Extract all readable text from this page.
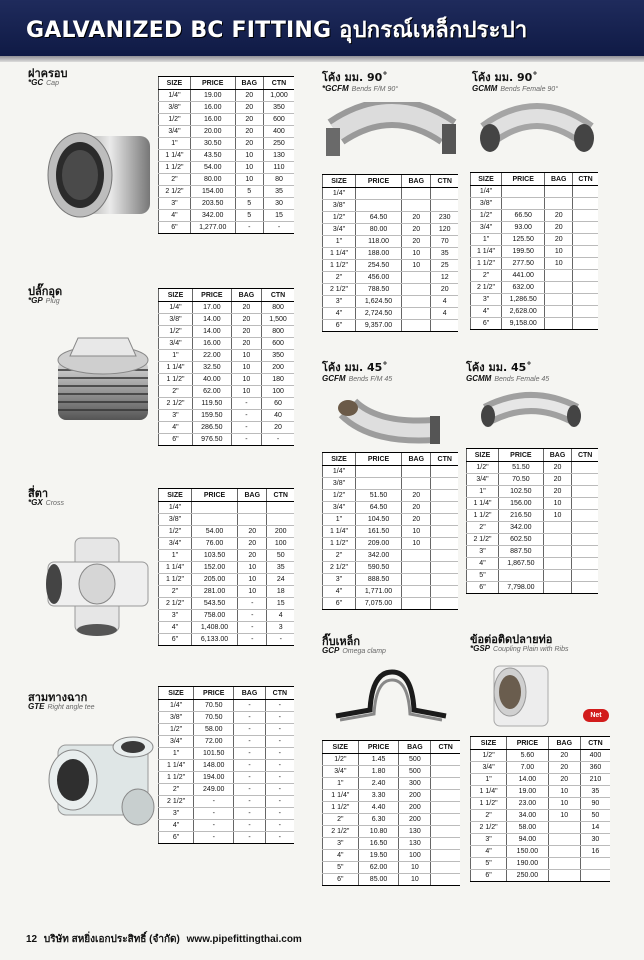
GALVANIZED BC FITTING อุปกรณ์เหล็กประปา
Net
ฝาครอบ
*GC Cap
ปลั๊กอุด
*GP Plug
สี่ตา
*GX Cross
สามทางฉาก
GTE Right angle tee
โค้ง มม. 90˚
*GCFM Bends F/M 90°
โค้ง มม. 90˚
GCMM Bends Female 90°
โค้ง มม. 45˚
GCFM Bends F/M 45
โค้ง มม. 45˚
GCMM Bends Female 45
กิ๊บเหล็ก
GCP Omega clamp
ข้อต่อติดปลายท่อ
*GSP Coupling Plain with Ribs
SIZE	PRICE	BAG	CTN
1/4"	19.00	20	1,000
3/8"	16.00	20	350
1/2"	16.00	20	600
3/4"	20.00	20	400
1"	30.50	20	250
1 1/4"	43.50	10	130
1 1/2"	54.00	10	110
2"	80.00	10	80
2 1/2"	154.00	5	35
3"	203.50	5	30
4"	342.00	5	15
6"	1,277.00	-	-
SIZE	PRICE	BAG	CTN
1/4"	17.00	20	800
3/8"	14.00	20	1,500
1/2"	14.00	20	800
3/4"	16.00	20	600
1"	22.00	10	350
1 1/4"	32.50	10	200
1 1/2"	40.00	10	180
2"	62.00	10	100
2 1/2"	119.50	-	60
3"	159.50	-	40
4"	286.50	-	20
6"	976.50	-	-
SIZE	PRICE	BAG	CTN
1/4"			
3/8"			
1/2"	54.00	20	200
3/4"	76.00	20	100
1"	103.50	20	50
1 1/4"	152.00	10	35
1 1/2"	205.00	10	24
2"	281.00	10	18
2 1/2"	543.50	-	15
3"	758.00	-	4
4"	1,408.00	-	3
6"	6,133.00	-	-
SIZE	PRICE	BAG	CTN
1/4"	70.50	-	-
3/8"	70.50	-	-
1/2"	58.00	-	-
3/4"	72.00	-	-
1"	101.50	-	-
1 1/4"	148.00	-	-
1 1/2"	194.00	-	-
2"	249.00	-	-
2 1/2"	-	-	-
3"	-	-	-
4"	-	-	-
6"	-	-	-
SIZE	PRICE	BAG	CTN
1/4"			
3/8"			
1/2"	64.50	20	230
3/4"	80.00	20	120
1"	118.00	20	70
1 1/4"	188.00	10	35
1 1/2"	254.50	10	25
2"	456.00		12
2 1/2"	788.50		20
3"	1,624.50		4
4"	2,724.50		4
6"	9,357.00		
SIZE	PRICE	BAG	CTN
1/4"			
3/8"			
1/2"	66.50	20	
3/4"	93.00	20	
1"	125.50	20	
1 1/4"	199.50	10	
1 1/2"	277.50	10	
2"	441.00		
2 1/2"	632.00		
3"	1,286.50		
4"	2,628.00		
6"	9,158.00		
SIZE	PRICE	BAG	CTN
1/4"			
3/8"			
1/2"	51.50	20	
3/4"	64.50	20	
1"	104.50	20	
1 1/4"	161.50	10	
1 1/2"	209.00	10	
2"	342.00		
2 1/2"	590.50		
3"	888.50		
4"	1,771.00		
6"	7,075.00		
SIZE	PRICE	BAG	CTN
1/2"	51.50	20	
3/4"	70.50	20	
1"	102.50	20	
1 1/4"	156.00	10	
1 1/2"	216.50	10	
2"	342.00		
2 1/2"	602.50		
3"	887.50		
4"	1,867.50		
5"			
6"	7,798.00		
SIZE	PRICE	BAG	CTN
1/2"	1.45	500	
3/4"	1.80	500	
1"	2.40	300	
1 1/4"	3.30	200	
1 1/2"	4.40	200	
2"	6.30	200	
2 1/2"	10.80	130	
3"	16.50	130	
4"	19.50	100	
5"	62.00	10	
6"	85.00	10	
SIZE	PRICE	BAG	CTN
1/2"	5.60	20	400
3/4"	7.00	20	360
1"	14.00	20	210
1 1/4"	19.00	10	35
1 1/2"	23.00	10	90
2"	34.00	10	50
2 1/2"	58.00		14
3"	94.00		30
4"	150.00		16
5"	190.00		
6"	250.00		
12 บริษัท สหยิ่งเอกประสิทธิ์ (จำกัด) www.pipefittingthai.com
